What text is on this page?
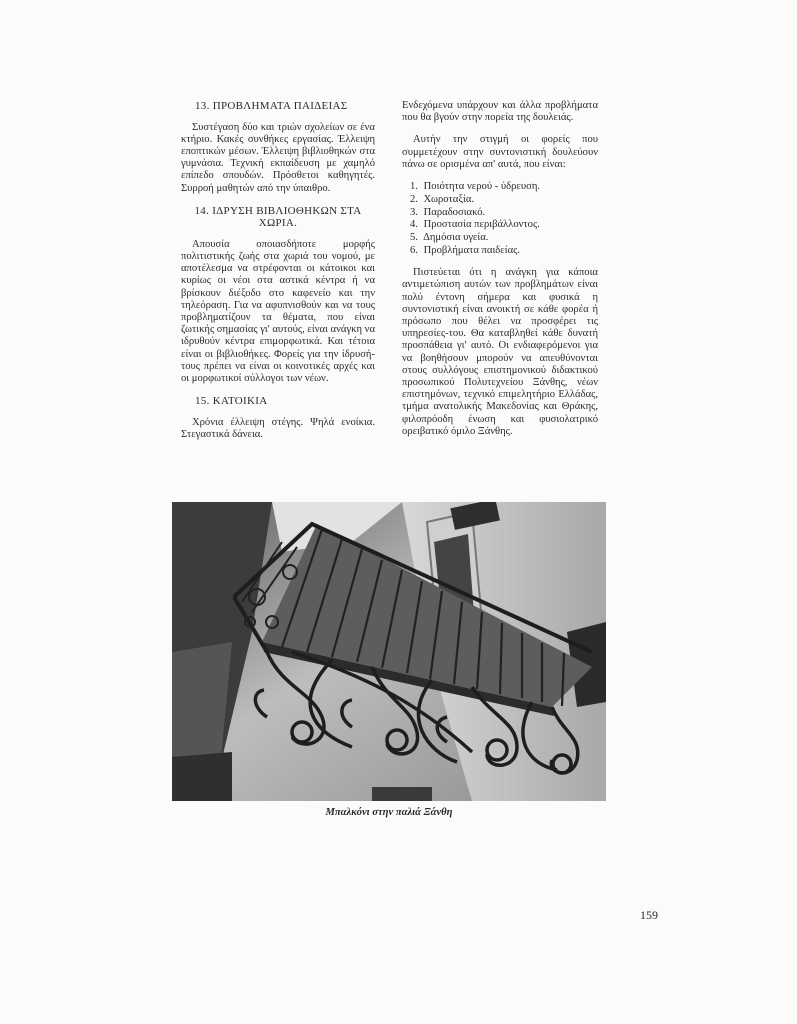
13. ΠΡΟΒΛΗΜΑΤΑ ΠΑΙΔΕΙΑΣ

Συστέγαση δύο και τριών σχολείων σε ένα κτήριο. Κακές συνθήκες εργασίας. Έλλειψη εποπτικών μέσων. Έλλειψη βιβλιοθηκών στα γυμνάσια. Τεχνική εκπαίδευση με χαμηλό επίπεδο σπουδών. Πρόσθετοι καθηγητές. Συρροή μαθητών από την ύπαιθρο.

14. ΙΔΡΥΣΗ ΒΙΒΛΙΟΘΗΚΩΝ ΣΤΑ ΧΩΡΙΑ.

Απουσία οποιασδήποτε μορφής πολιτιστικής ζωής στα χωριά του νομού, με αποτέλεσμα να στρέφονται οι κάτοικοι και κυρίως οι νέοι στα αστικά κέντρα ή να βρίσκουν διέξοδο στο καφενείο και την τηλεόραση. Για να αφυπνισθούν και να τους προβληματίζουν τα θέματα, που είναι ζωτικής σημασίας γι' αυτούς, είναι ανάγκη να ιδρυθούν κέντρα επιμορφωτικά. Και τέτοια είναι οι βιβλιοθήκες. Φορείς για την ίδρυσή-τους πρέπει να είναι οι κοινοτικές αρχές και οι μορφωτικοί σύλλογοι των νέων.

15. ΚΑΤΟΙΚΙΑ

Χρόνια έλλειψη στέγης. Ψηλά ενοίκια. Στεγαστικά δάνεια.

Ενδεχόμενα υπάρχουν και άλλα προβλήματα που θα βγούν στην πορεία της δουλειάς.

Αυτήν την στιγμή οι φορείς που συμμετέχουν στην συντονιστική δουλεύουν πάνω σε ορισμένα απ' αυτά, που είναι:

1. Ποιότητα νερού - ύδρευση.
2. Χωροταξία.
3. Παραδοσιακό.
4. Προστασία περιβάλλοντος.
5. Δημόσια υγεία.
6. Προβλήματα παιδείας.

Πιστεύεται ότι η ανάγκη για κάποια αντιμετώπιση αυτών των προβλημάτων είναι πολύ έντονη σήμερα και φυσικά η συντονιστική είναι ανοικτή σε κάθε φορέα ή πρόσωπο που θέλει να προσφέρει τις υπηρεσίες-του. Θα καταβληθεί κάθε δυνατή προσπάθεια γι' αυτό. Οι ενδιαφερόμενοι για να βοηθήσουν μπορούν να απευθύνονται στους συλλόγους επιστημονικού διδακτικού προσωπικού Πολυτεχνείου Ξάνθης, νέων επιστημόνων, τεχνικό επιμελητήριο Ελλάδας, τμήμα ανατολικής Μακεδονίας και Θράκης, φιλοπρόοδη ένωση και φυσιολατρικό ορειβατικό όμιλο Ξάνθης.

Μπαλκόνι στην παλιά Ξάνθη
159
